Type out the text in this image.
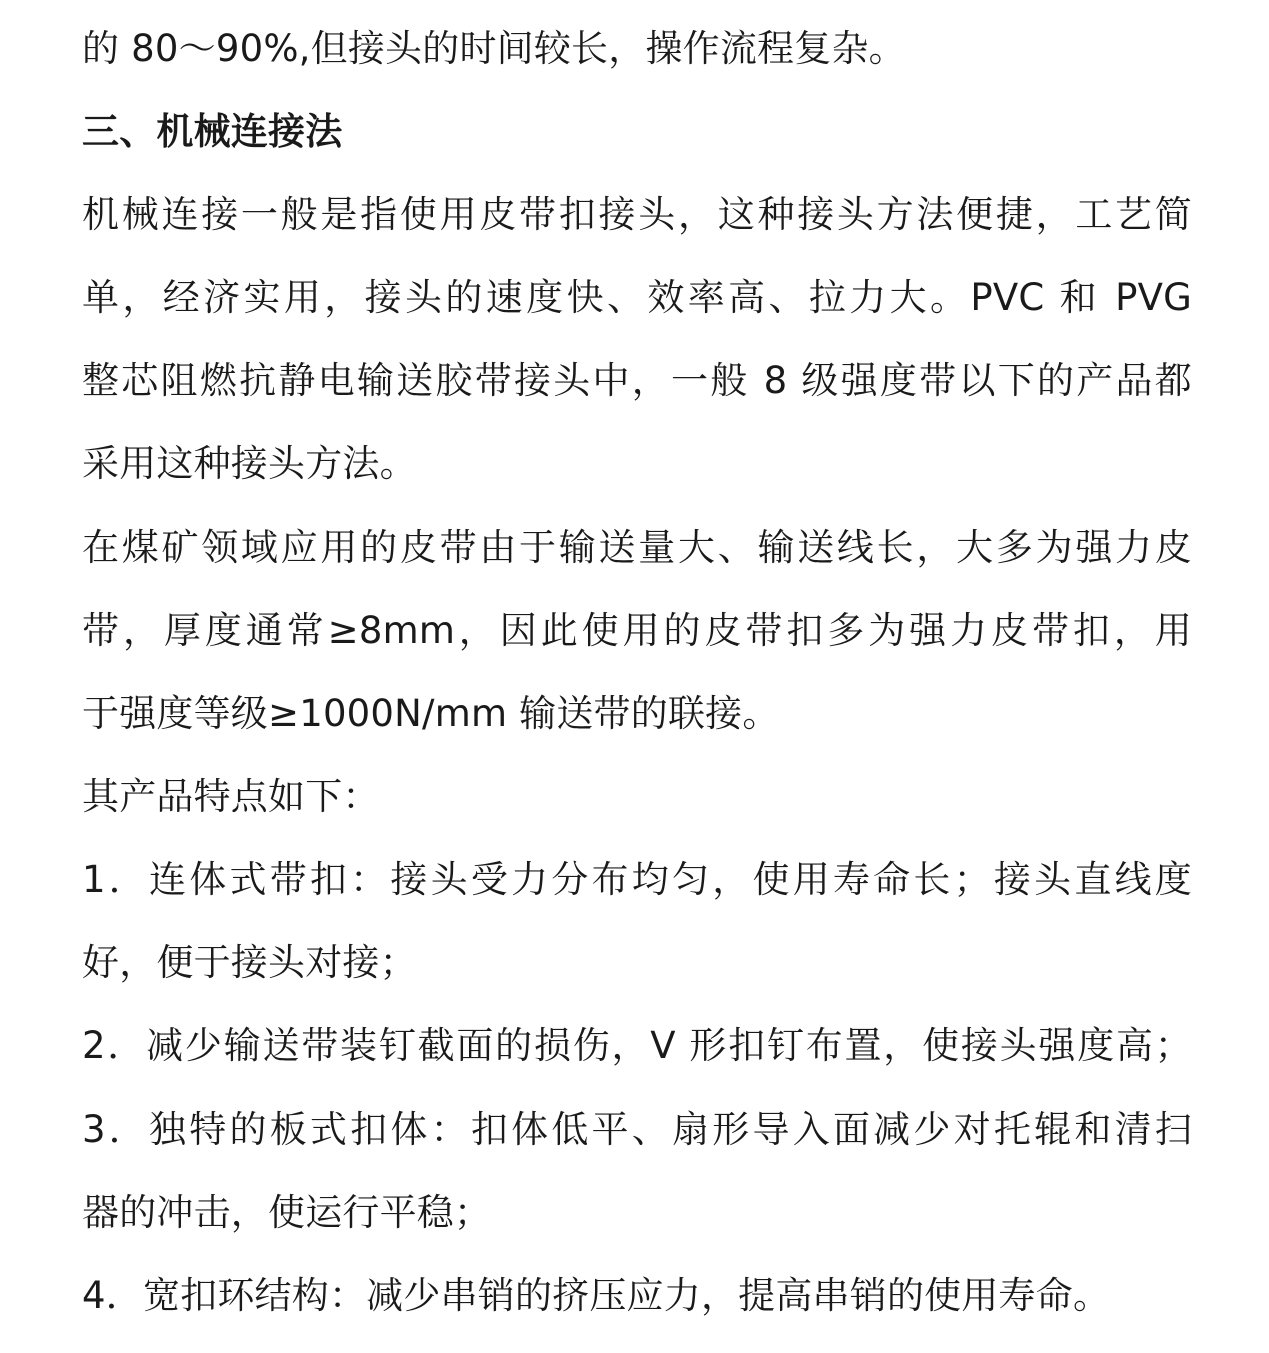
的 80～90%,但接头的时间较长，操作流程复杂。
三、机械连接法
机械连接一般是指使用皮带扣接头，这种接头方法便捷，工艺简
单，经济实用，接头的速度快、效率高、拉力大。PVC 和 PVG
整芯阻燃抗静电输送胶带接头中，一般 8 级强度带以下的产品都
采用这种接头方法。
在煤矿领域应用的皮带由于输送量大、输送线长，大多为强力皮
带，厚度通常≥8mm，因此使用的皮带扣多为强力皮带扣，用
于强度等级≥1000N/mm 输送带的联接。
其产品特点如下：
1．连体式带扣：接头受力分布均匀，使用寿命长；接头直线度
好，便于接头对接；
2．减少输送带装钉截面的损伤，V 形扣钉布置，使接头强度高；
3．独特的板式扣体：扣体低平、扇形导入面减少对托辊和清扫
器的冲击，使运行平稳；
4．宽扣环结构：减少串销的挤压应力，提高串销的使用寿命。
